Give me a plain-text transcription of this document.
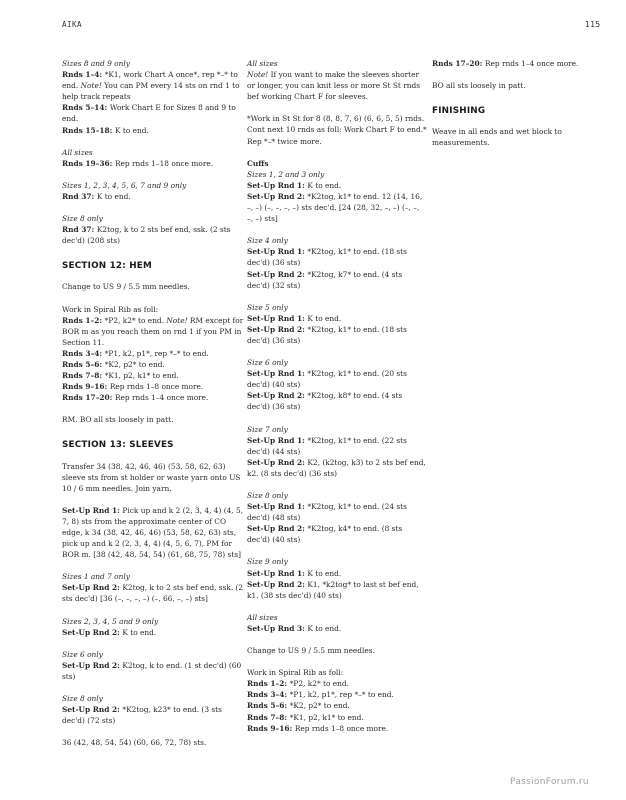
AIKA	115
Sizes 8 and 9 only
Rnds 1–4: *K1, work Chart A once*, rep *–* to end. Note! You can PM every 14 sts on rnd 1 to help track repeats
Rnds 5–14: Work Chart E for Sizes 8 and 9 to end.
Rnds 15–18: K to end.
All sizes
Rnds 19–36: Rep rnds 1–18 once more.
Sizes 1, 2, 3, 4, 5, 6, 7 and 9 only
Rnd 37: K to end.
Size 8 only
Rnd 37: K2tog, k to 2 sts bef end, ssk. (2 sts dec'd) (208 sts)
SECTION 12: HEM
Change to US 9 / 5.5 mm needles.
Work in Spiral Rib as foll:
Rnds 1–2: *P2, k2* to end. Note! RM except for BOR m as you reach them on rnd 1 if you PM in Section 11.
Rnds 3–4: *P1, k2, p1*, rep *–* to end.
Rnds 5–6: *K2, p2* to end.
Rnds 7–8: *K1, p2, k1* to end.
Rnds 9–16: Rep rnds 1–8 once more.
Rnds 17–20: Rep rnds 1–4 once more.
RM. BO all sts loosely in patt.
SECTION 13: SLEEVES
Transfer 34 (38, 42, 46, 46) (53, 58, 62, 63) sleeve sts from st holder or waste yarn onto US 10 / 6 mm needles. Join yarn.
Set-Up Rnd 1: Pick up and k 2 (2, 3, 4, 4) (4, 5, 7, 8) sts from the approximate center of CO edge, k 34 (38, 42, 46, 46) (53, 58, 62, 63) sts, pick up and k 2 (2, 3, 4, 4) (4, 5, 6, 7), PM for BOR m. [38 (42, 48, 54, 54) (61, 68, 75, 78) sts]
Sizes 1 and 7 only
Set-Up Rnd 2: K2tog, k to 2 sts bef end, ssk. (2 sts dec'd) [36 (–, –, –, –) (–, 66, –, –) sts]
Sizes 2, 3, 4, 5 and 9 only
Set-Up Rnd 2: K to end.
Size 6 only
Set-Up Rnd 2: K2tog, k to end. (1 st dec'd) (60 sts)
Size 8 only
Set-Up Rnd 2: *K2tog, k23* to end. (3 sts dec'd) (72 sts)
36 (42, 48, 54, 54) (60, 66, 72, 78) sts.
All sizes
Note! If you want to make the sleeves shorter or longer, you can knit less or more St St rnds bef working Chart F for sleeves.
*Work in St St for 8 (8, 8, 7, 6) (6, 6, 5, 5) rnds. Cont next 10 rnds as foll: Work Chart F to end.*
Rep *–* twice more.
Cuffs
Sizes 1, 2 and 3 only
Set-Up Rnd 1: K to end.
Set-Up Rnd 2: *K2tog, k1* to end. 12 (14, 16, –, –) (–, –, –, –) sts dec'd. [24 (28, 32, –, –) (–, –, –, –) sts]
Size 4 only
Set-Up Rnd 1: *K2tog, k1* to end. (18 sts dec'd) (36 sts)
Set-Up Rnd 2: *K2tog, k7* to end. (4 sts dec'd) (32 sts)
Size 5 only
Set-Up Rnd 1: K to end.
Set-Up Rnd 2: *K2tog, k1* to end. (18 sts dec'd) (36 sts)
Size 6 only
Set-Up Rnd 1: *K2tog, k1* to end. (20 sts dec'd) (40 sts)
Set-Up Rnd 2: *K2tog, k8* to end. (4 sts dec'd) (36 sts)
Size 7 only
Set-Up Rnd 1: *K2tog, k1* to end. (22 sts dec'd) (44 sts)
Set-Up Rnd 2: K2, (k2tog, k3) to 2 sts bef end, k2. (8 sts dec'd) (36 sts)
Size 8 only
Set-Up Rnd 1: *K2tog, k1* to end. (24 sts dec'd) (48 sts)
Set-Up Rnd 2: *K2tog, k4* to end. (8 sts dec'd) (40 sts)
Size 9 only
Set-Up Rnd 1: K to end.
Set-Up Rnd 2: K1, *k2tog* to last st bef end, k1. (38 sts dec'd) (40 sts)
All sizes
Set-Up Rnd 3: K to end.
Change to US 9 / 5.5 mm needles.
Work in Spiral Rib as foll:
Rnds 1–2: *P2, k2* to end.
Rnds 3–4: *P1, k2, p1*, rep *–* to end.
Rnds 5–6: *K2, p2* to end.
Rnds 7–8: *K1, p2, k1* to end.
Rnds 9–16: Rep rnds 1–8 once more.
Rnds 17–20: Rep rnds 1–4 once more.
BO all sts loosely in patt.
FINISHING
Weave in all ends and wet block to measurements.
PassionForum.ru
